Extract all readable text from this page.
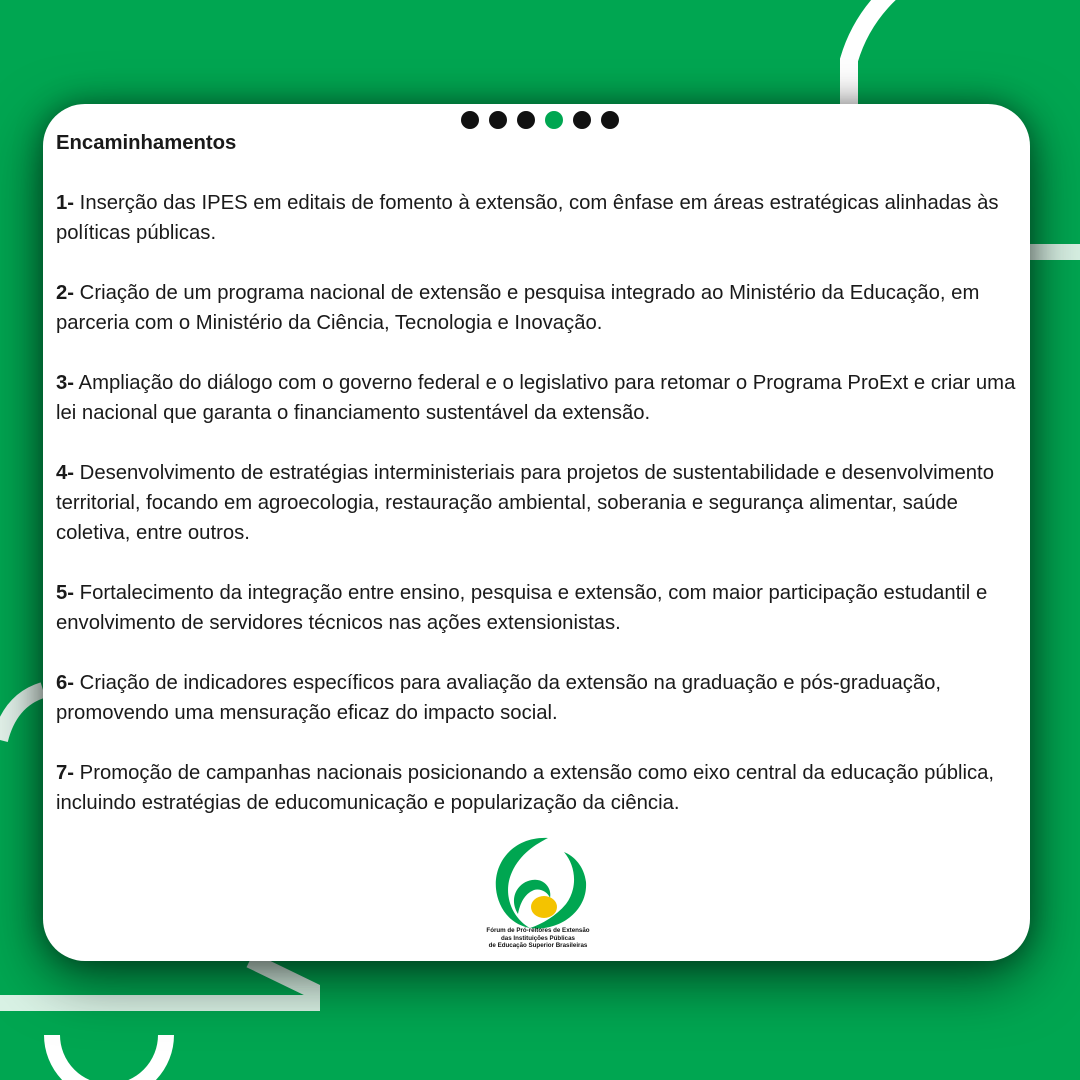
Encaminhamentos

1- Inserção das IPES em editais de fomento à extensão, com ênfase em áreas estratégicas alinhadas às políticas públicas.

2- Criação de um programa nacional de extensão e pesquisa integrado ao Ministério da Educação, em parceria com o Ministério da Ciência, Tecnologia e Inovação.

3- Ampliação do diálogo com o governo federal e o legislativo para retomar o Programa ProExt e criar uma lei nacional que garanta o financiamento sustentável da extensão.

4- Desenvolvimento de estratégias interministeriais para projetos de sustentabilidade e desenvolvimento territorial, focando em agroecologia, restauração ambiental, soberania e segurança alimentar, saúde coletiva, entre outros.

5- Fortalecimento da integração entre ensino, pesquisa e extensão, com maior participação estudantil e envolvimento de servidores técnicos nas ações extensionistas.

6- Criação de indicadores específicos para avaliação da extensão na graduação e pós-graduação, promovendo uma mensuração eficaz do impacto social.

7- Promoção de campanhas nacionais posicionando a extensão como eixo central da educação pública, incluindo estratégias de educomunicação e popularização da ciência.

Fórum de Pró-reitores de Extensão
das Instituições Públicas
de Educação Superior Brasileiras
